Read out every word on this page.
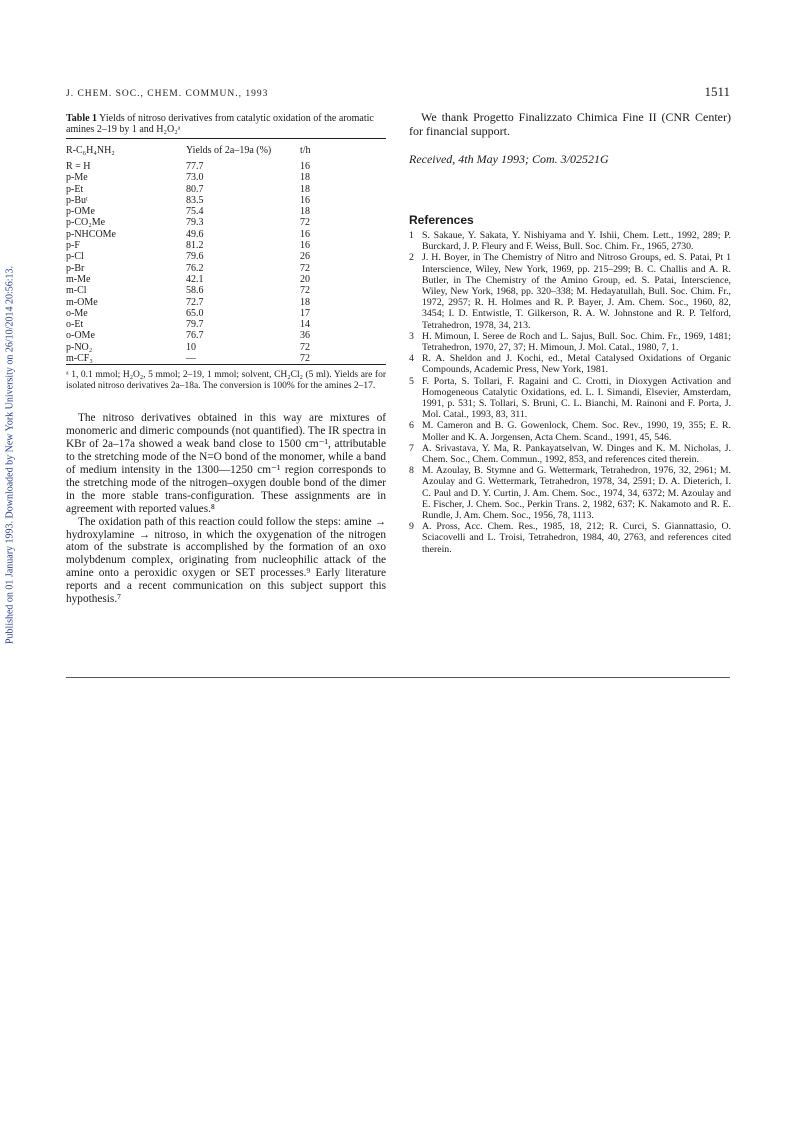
Published on 01 January 1993. Downloaded by New York University on 26/10/2014 20:56:13.
J. CHEM. SOC., CHEM. COMMUN., 1993	1511
Table 1 Yields of nitroso derivatives from catalytic oxidation of the aromatic amines 2–19 by 1 and H₂O₂ᵃ
R-C₆H₄NH₂	Yields of 2a–19a (%)	t/h
R = H	77.7	16
p-Me	73.0	18
p-Et	80.7	18
p-Buᵗ	83.5	16
p-OMe	75.4	18
p-CO₂Me	79.3	72
p-NHCOMe	49.6	16
p-F	81.2	16
p-Cl	79.6	26
p-Br	76.2	72
m-Me	42.1	20
m-Cl	58.6	72
m-OMe	72.7	18
o-Me	65.0	17
o-Et	79.7	14
o-OMe	76.7	36
p-NO₂	10	72
m-CF₃	—	72
ᵃ 1, 0.1 mmol; H₂O₂, 5 mmol; 2–19, 1 mmol; solvent, CH₂Cl₂ (5 ml). Yields are for isolated nitroso derivatives 2a–18a. The conversion is 100% for the amines 2–17.

The nitroso derivatives obtained in this way are mixtures of monomeric and dimeric compounds (not quantified). The IR spectra in KBr of 2a–17a showed a weak band close to 1500 cm⁻¹, attributable to the stretching mode of the N=O bond of the monomer, while a band of medium intensity in the 1300—1250 cm⁻¹ region corresponds to the stretching mode of the nitrogen–oxygen double bond of the dimer in the more stable trans-configuration. These assignments are in agreement with reported values.⁸

The oxidation path of this reaction could follow the steps: amine → hydroxylamine → nitroso, in which the oxygenation of the nitrogen atom of the substrate is accomplished by the formation of an oxo molybdenum complex, originating from nucleophilic attack of the amine onto a peroxidic oxygen or SET processes.⁹ Early literature reports and a recent communication on this subject support this hypothesis.⁷

We thank Progetto Finalizzato Chimica Fine II (CNR Center) for financial support.

Received, 4th May 1993; Com. 3/02521G
References
1 S. Sakaue, Y. Sakata, Y. Nishiyama and Y. Ishii, Chem. Lett., 1992, 289; P. Burckard, J. P. Fleury and F. Weiss, Bull. Soc. Chim. Fr., 1965, 2730.
2 J. H. Boyer, in The Chemistry of Nitro and Nitroso Groups, ed. S. Patai, Pt 1 Interscience, Wiley, New York, 1969, pp. 215–299; B. C. Challis and A. R. Butler, in The Chemistry of the Amino Group, ed. S. Patai, Interscience, Wiley, New York, 1968, pp. 320–338; M. Hedayatullah, Bull. Soc. Chim. Fr., 1972, 2957; R. H. Holmes and R. P. Bayer, J. Am. Chem. Soc., 1960, 82, 3454; I. D. Entwistle, T. Gilkerson, R. A. W. Johnstone and R. P. Telford, Tetrahedron, 1978, 34, 213.
3 H. Mimoun, I. Seree de Roch and L. Sajus, Bull. Soc. Chim. Fr., 1969, 1481; Tetrahedron, 1970, 27, 37; H. Mimoun, J. Mol. Catal., 1980, 7, 1.
4 R. A. Sheldon and J. Kochi, ed., Metal Catalysed Oxidations of Organic Compounds, Academic Press, New York, 1981.
5 F. Porta, S. Tollari, F. Ragaini and C. Crotti, in Dioxygen Activation and Homogeneous Catalytic Oxidations, ed. L. I. Simandi, Elsevier, Amsterdam, 1991, p. 531; S. Tollari, S. Bruni, C. L. Bianchi, M. Rainoni and F. Porta, J. Mol. Catal., 1993, 83, 311.
6 M. Cameron and B. G. Gowenlock, Chem. Soc. Rev., 1990, 19, 355; E. R. Moller and K. A. Jorgensen, Acta Chem. Scand., 1991, 45, 546.
7 A. Srivastava, Y. Ma, R. Pankayatselvan, W. Dinges and K. M. Nicholas, J. Chem. Soc., Chem. Commun., 1992, 853, and references cited therein.
8 M. Azoulay, B. Stymne and G. Wettermark, Tetrahedron, 1976, 32, 2961; M. Azoulay and G. Wettermark, Tetrahedron, 1978, 34, 2591; D. A. Dieterich, I. C. Paul and D. Y. Curtin, J. Am. Chem. Soc., 1974, 34, 6372; M. Azoulay and E. Fischer, J. Chem. Soc., Perkin Trans. 2, 1982, 637; K. Nakamoto and R. E. Rundle, J. Am. Chem. Soc., 1956, 78, 1113.
9 A. Pross, Acc. Chem. Res., 1985, 18, 212; R. Curci, S. Giannattasio, O. Sciacovelli and L. Troisi, Tetrahedron, 1984, 40, 2763, and references cited therein.
